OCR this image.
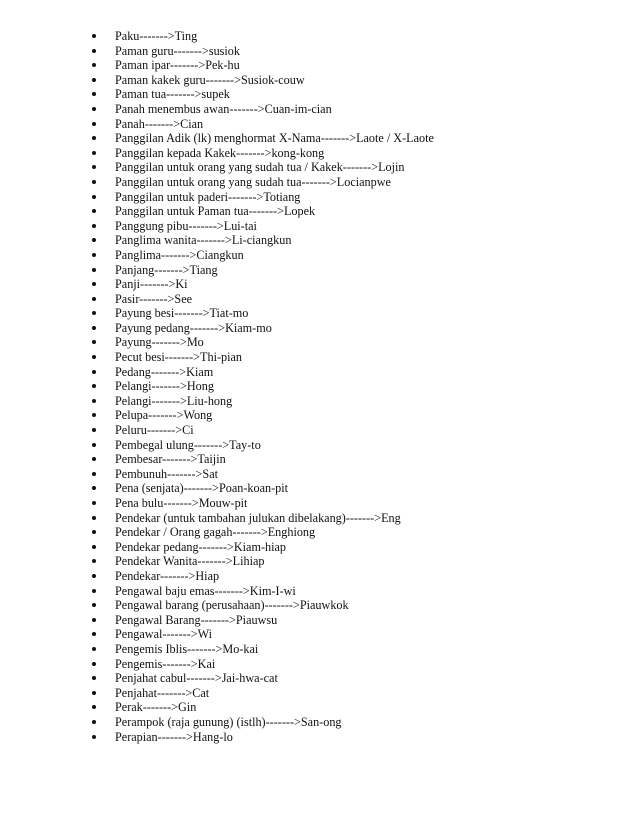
Paku------->Ting
Paman guru------->susiok
Paman ipar------->Pek-hu
Paman kakek guru------->Susiok-couw
Paman tua------->supek
Panah menembus awan------->Cuan-im-cian
Panah------->Cian
Panggilan Adik (lk) menghormat X-Nama------->Laote / X-Laote
Panggilan kepada Kakek------->kong-kong
Panggilan untuk orang yang sudah tua / Kakek------->Lojin
Panggilan untuk orang yang sudah tua------->Locianpwe
Panggilan untuk paderi------->Totiang
Panggilan untuk Paman tua------->Lopek
Panggung pibu------->Lui-tai
Panglima wanita------->Li-ciangkun
Panglima------->Ciangkun
Panjang------->Tiang
Panji------->Ki
Pasir------->See
Payung besi------->Tiat-mo
Payung pedang------->Kiam-mo
Payung------->Mo
Pecut besi------->Thi-pian
Pedang------->Kiam
Pelangi------->Hong
Pelangi------->Liu-hong
Pelupa------->Wong
Peluru------->Ci
Pembegal ulung------->Tay-to
Pembesar------->Taijin
Pembunuh------->Sat
Pena (senjata)------->Poan-koan-pit
Pena bulu------->Mouw-pit
Pendekar (untuk tambahan julukan dibelakang)------->Eng
Pendekar / Orang gagah------->Enghiong
Pendekar pedang------->Kiam-hiap
Pendekar Wanita------->Lihiap
Pendekar------->Hiap
Pengawal baju emas------->Kim-I-wi
Pengawal barang (perusahaan)------->Piauwkok
Pengawal Barang------->Piauwsu
Pengawal------->Wi
Pengemis Iblis------->Mo-kai
Pengemis------->Kai
Penjahat cabul------->Jai-hwa-cat
Penjahat------->Cat
Perak------->Gin
Perampok (raja gunung) (istlh)------->San-ong
Perapian------->Hang-lo
